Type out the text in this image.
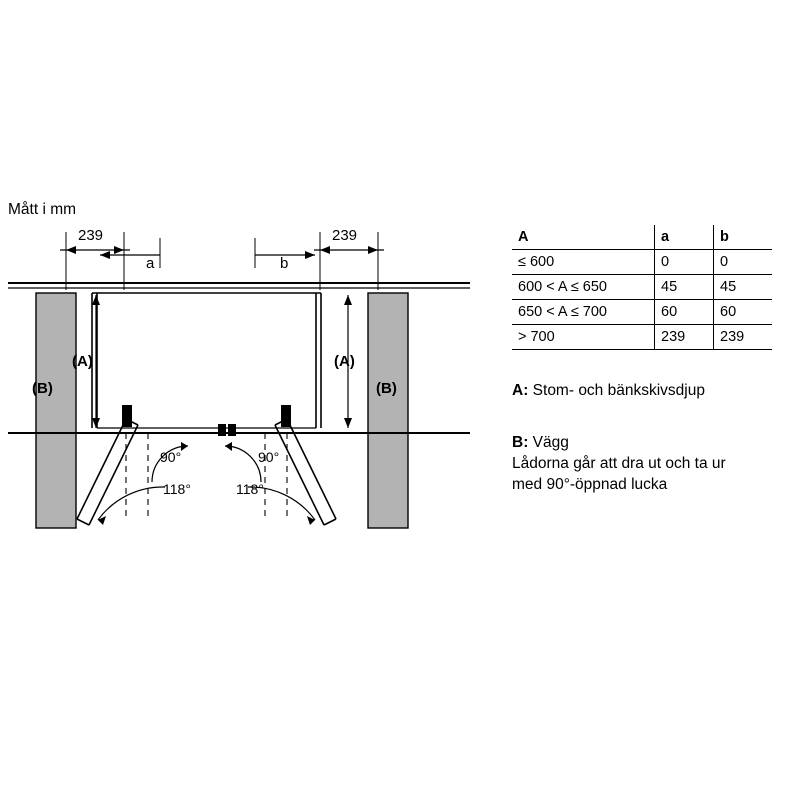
Mått i mm
239	239
a	b
(A)	(A)
(B)	(B)
90°	90°
118°	118°
A	a	b
≤ 600	0	0
600 < A ≤ 650	45	45
650 < A ≤ 700	60	60
> 700	239	239
A: Stom- och bänkskivsdjup
B: Vägg
Lådorna går att dra ut och ta ur
med 90°-öppnad lucka
